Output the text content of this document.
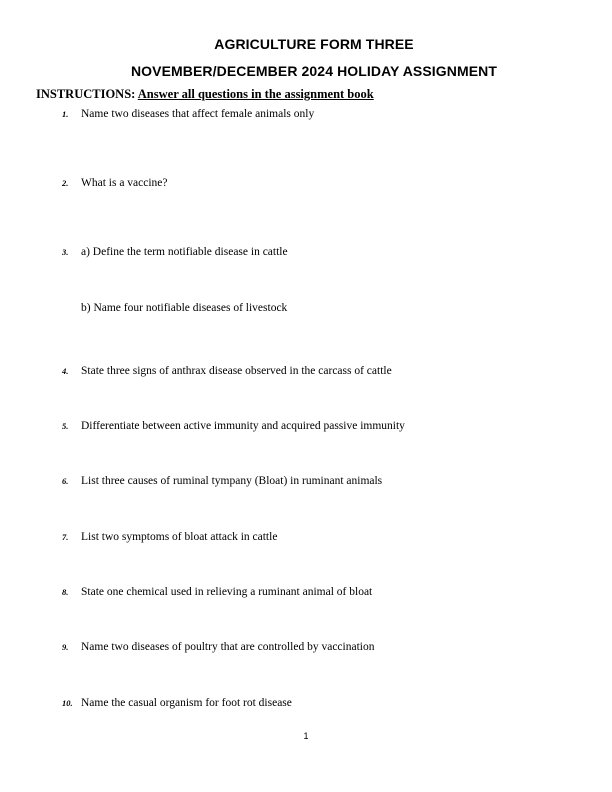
AGRICULTURE FORM THREE
NOVEMBER/DECEMBER 2024 HOLIDAY ASSIGNMENT
INSTRUCTIONS: Answer all questions in the assignment book
1. Name two diseases that affect female animals only
2. What is a vaccine?
3. a) Define the term notifiable disease in cattle
b) Name four notifiable diseases of livestock
4. State three signs of anthrax disease observed in the carcass of cattle
5. Differentiate between active immunity and acquired passive immunity
6. List three causes of ruminal tympany (Bloat) in ruminant animals
7. List two symptoms of bloat attack in cattle
8. State one chemical used in relieving a ruminant animal of bloat
9. Name two diseases of poultry that are controlled by vaccination
10. Name the casual organism for foot rot disease
1
